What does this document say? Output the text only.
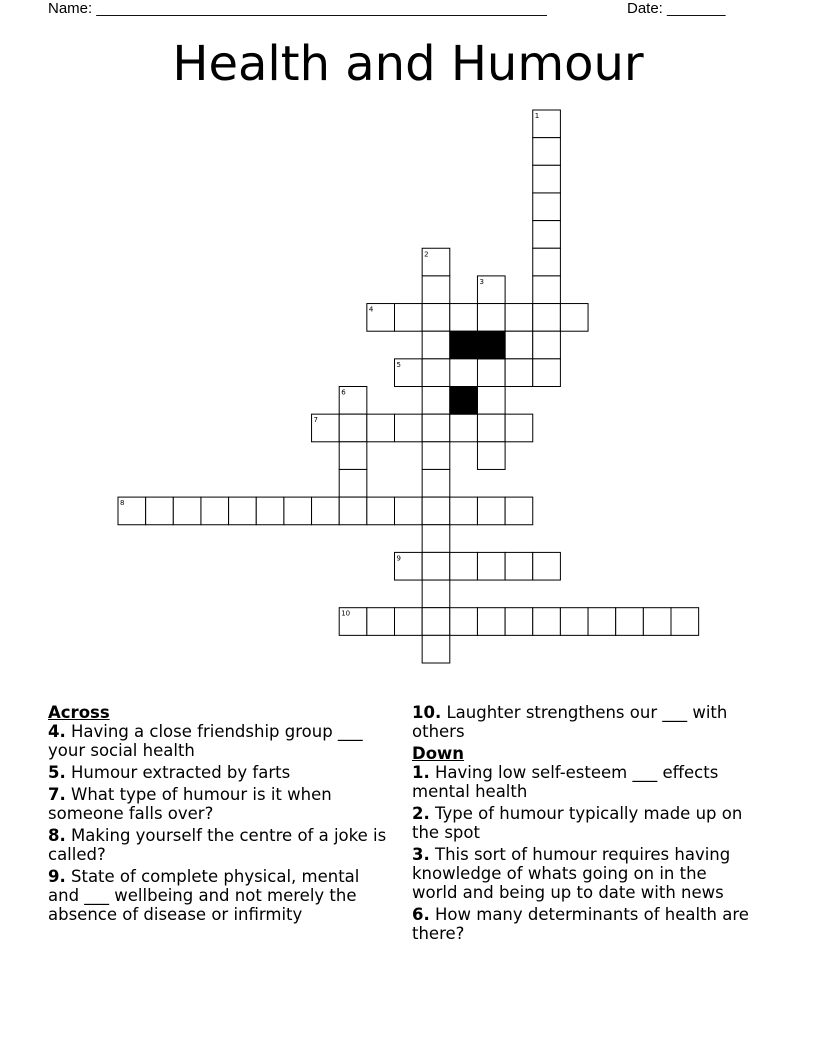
Name: ______________________________________________________	Date: _______
Health and Humour
1
2
3
4
5
6
7
8
9
10

Across

4. Having a close friendship group ___ your social health

5. Humour extracted by farts

7. What type of humour is it when someone falls over?

8. Making yourself the centre of a joke is called?

9. State of complete physical, mental and ___ wellbeing and not merely the absence of disease or infirmity

10. Laughter strengthens our ___ with others

Down

1. Having low self-esteem ___ effects mental health

2. Type of humour typically made up on the spot

3. This sort of humour requires having knowledge of whats going on in the world and being up to date with news

6. How many determinants of health are there?
